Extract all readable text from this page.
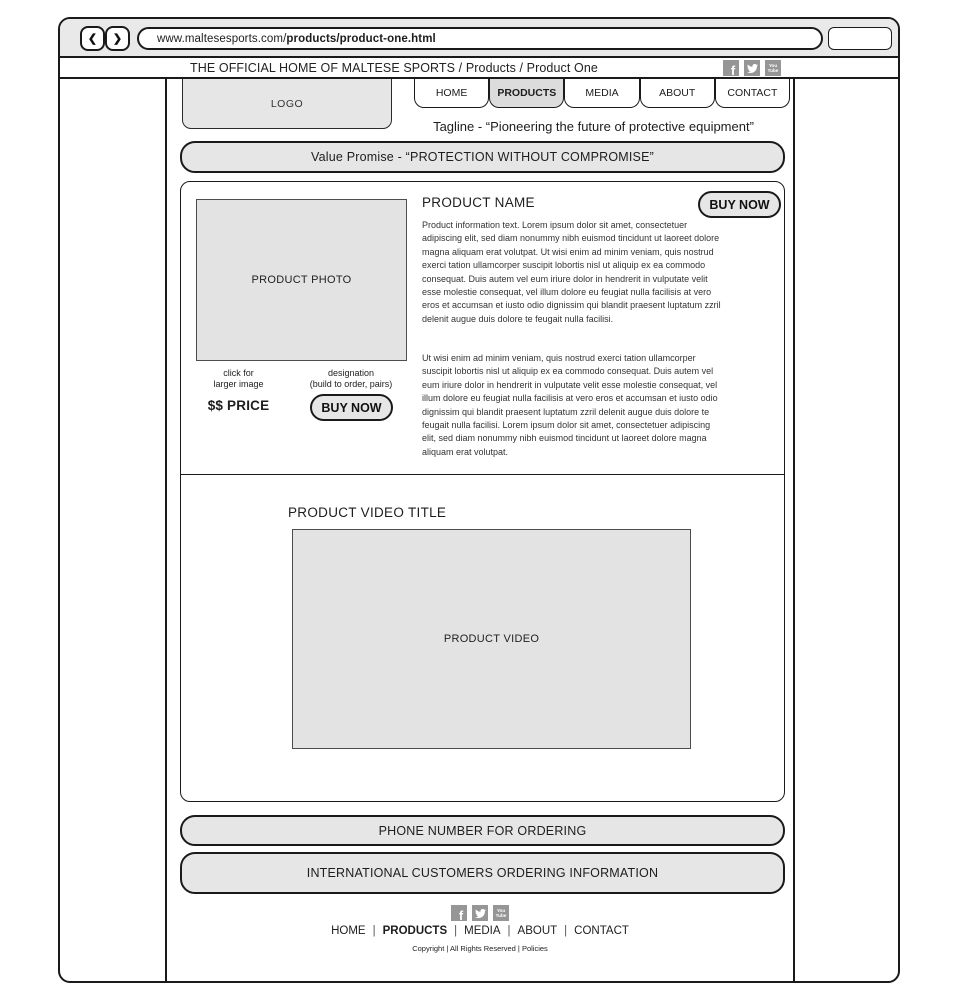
❮ ❯	www.maltesesports.com/ products/product-one.html
THE OFFICIAL HOME OF MALTESE SPORTS / Products / Product One	f	You
Tube
LOGO
HOME	PRODUCTS	MEDIA	ABOUT	CONTACT
Tagline - “Pioneering the future of protective equipment”
Value Promise - “PROTECTION WITHOUT COMPROMISE”
PRODUCT PHOTO
click for
larger image
designation
(build to order, pairs)
$$ PRICE	BUY NOW
PRODUCT NAME	BUY NOW
Product information text. Lorem ipsum dolor sit amet, consectetuer adipiscing elit, sed diam nonummy nibh euismod tincidunt ut laoreet dolore magna aliquam erat volutpat. Ut wisi enim ad minim veniam, quis nostrud exerci tation ullamcorper suscipit lobortis nisl ut aliquip ex ea commodo consequat. Duis autem vel eum iriure dolor in hendrerit in vulputate velit esse molestie consequat, vel illum dolore eu feugiat nulla facilisis at vero eros et accumsan et iusto odio dignissim qui blandit praesent luptatum zzril delenit augue duis dolore te feugait nulla facilisi.
Ut wisi enim ad minim veniam, quis nostrud exerci tation ullamcorper suscipit lobortis nisl ut aliquip ex ea commodo consequat. Duis autem vel eum iriure dolor in hendrerit in vulputate velit esse molestie consequat, vel illum dolore eu feugiat nulla facilisis at vero eros et accumsan et iusto odio dignissim qui blandit praesent luptatum zzril delenit augue duis dolore te feugait nulla facilisi. Lorem ipsum dolor sit amet, consectetuer adipiscing elit, sed diam nonummy nibh euismod tincidunt ut laoreet dolore magna aliquam erat volutpat.
PRODUCT VIDEO TITLE
PRODUCT VIDEO
PHONE NUMBER FOR ORDERING
INTERNATIONAL CUSTOMERS ORDERING INFORMATION
f	You
Tube
HOME | PRODUCTS | MEDIA | ABOUT | CONTACT
Copyright | All Rights Reserved | Policies
